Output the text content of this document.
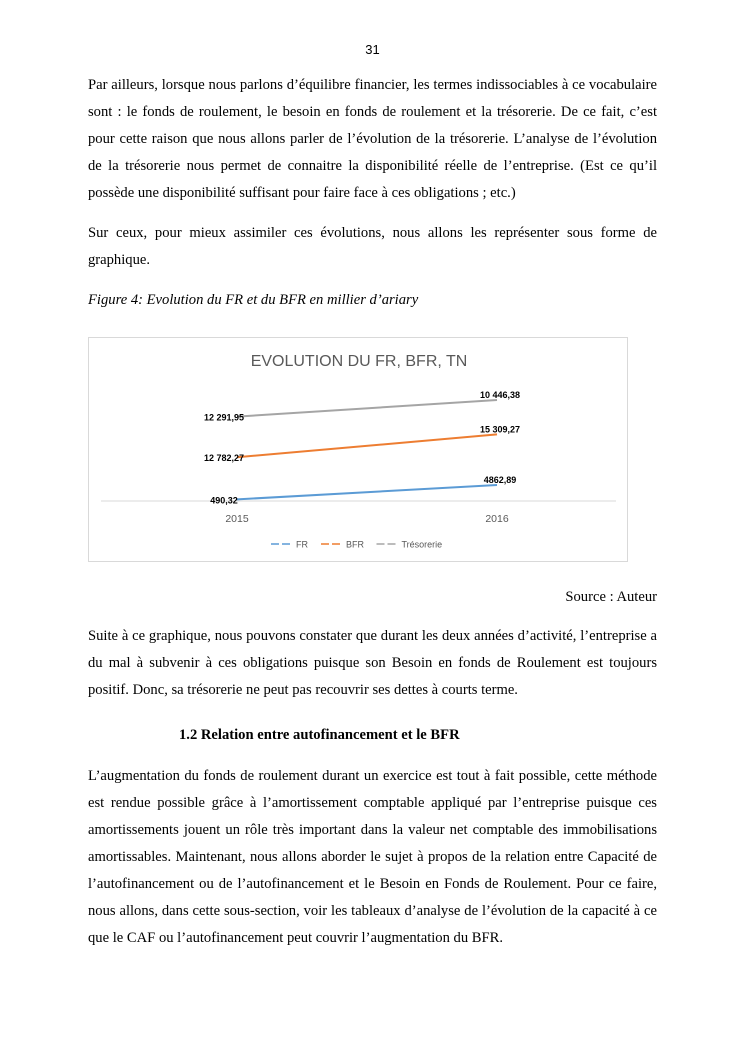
31

Par ailleurs, lorsque nous parlons d’équilibre financier, les termes indissociables à ce vocabulaire sont : le fonds de roulement, le besoin en fonds de roulement et la trésorerie. De ce fait, c’est pour cette raison que nous allons parler de l’évolution de la trésorerie. L’analyse de l’évolution de la trésorerie nous permet de connaitre la disponibilité réelle de l’entreprise. (Est ce qu’il possède une disponibilité suffisant pour faire face à ces obligations ; etc.)

Sur ceux, pour mieux assimiler ces évolutions, nous allons les représenter sous forme de graphique.

Figure 4: Evolution du FR et du BFR en millier d’ariary
EVOLUTION DU FR, BFR, TN
2015	2016
490,32
4862,89
12 782,27
15 309,27
12 291,95
10 446,38
FR	BFR	Trésorerie
Source : Auteur

Suite à ce graphique, nous pouvons constater que durant les deux années d’activité, l’entreprise a du mal à subvenir à ces obligations puisque son Besoin en fonds de Roulement est toujours positif. Donc, sa trésorerie ne peut pas recouvrir ses dettes à courts terme.

1.2 Relation entre autofinancement et le BFR

L’augmentation du fonds de roulement durant un exercice est tout à fait possible, cette méthode est rendue possible grâce à l’amortissement comptable appliqué par l’entreprise puisque ces amortissements jouent un rôle très important dans la valeur net comptable des immobilisations amortissables. Maintenant, nous allons aborder le sujet à propos de la relation entre Capacité de l’autofinancement ou de l’autofinancement et le Besoin en Fonds de Roulement. Pour ce faire, nous allons, dans cette sous-section, voir les tableaux d’analyse de l’évolution de la capacité à ce que le CAF ou l’autofinancement peut couvrir l’augmentation du BFR.
